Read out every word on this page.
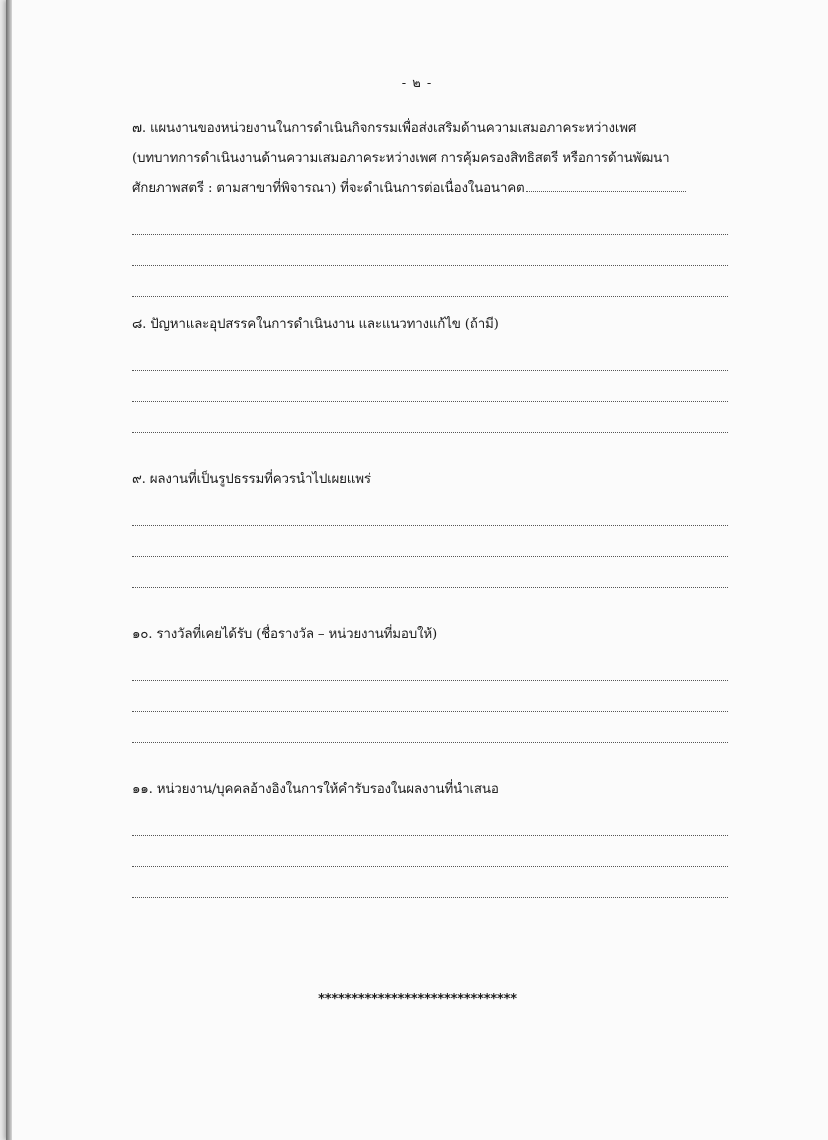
- ๒ -
๗. แผนงานของหน่วยงานในการดำเนินกิจกรรมเพื่อส่งเสริมด้านความเสมอภาคระหว่างเพศ
(บทบาทการดำเนินงานด้านความเสมอภาคระหว่างเพศ การคุ้มครองสิทธิสตรี หรือการด้านพัฒนา
ศักยภาพสตรี : ตามสาขาที่พิจารณา) ที่จะดำเนินการต่อเนื่องในอนาคต
๘. ปัญหาและอุปสรรคในการดำเนินงาน และแนวทางแก้ไข (ถ้ามี)
๙. ผลงานที่เป็นรูปธรรมที่ควรนำไปเผยแพร่
๑๐. รางวัลที่เคยได้รับ (ชื่อรางวัล – หน่วยงานที่มอบให้)
๑๑. หน่วยงาน/บุคคลอ้างอิงในการให้คำรับรองในผลงานที่นำเสนอ
******************************
